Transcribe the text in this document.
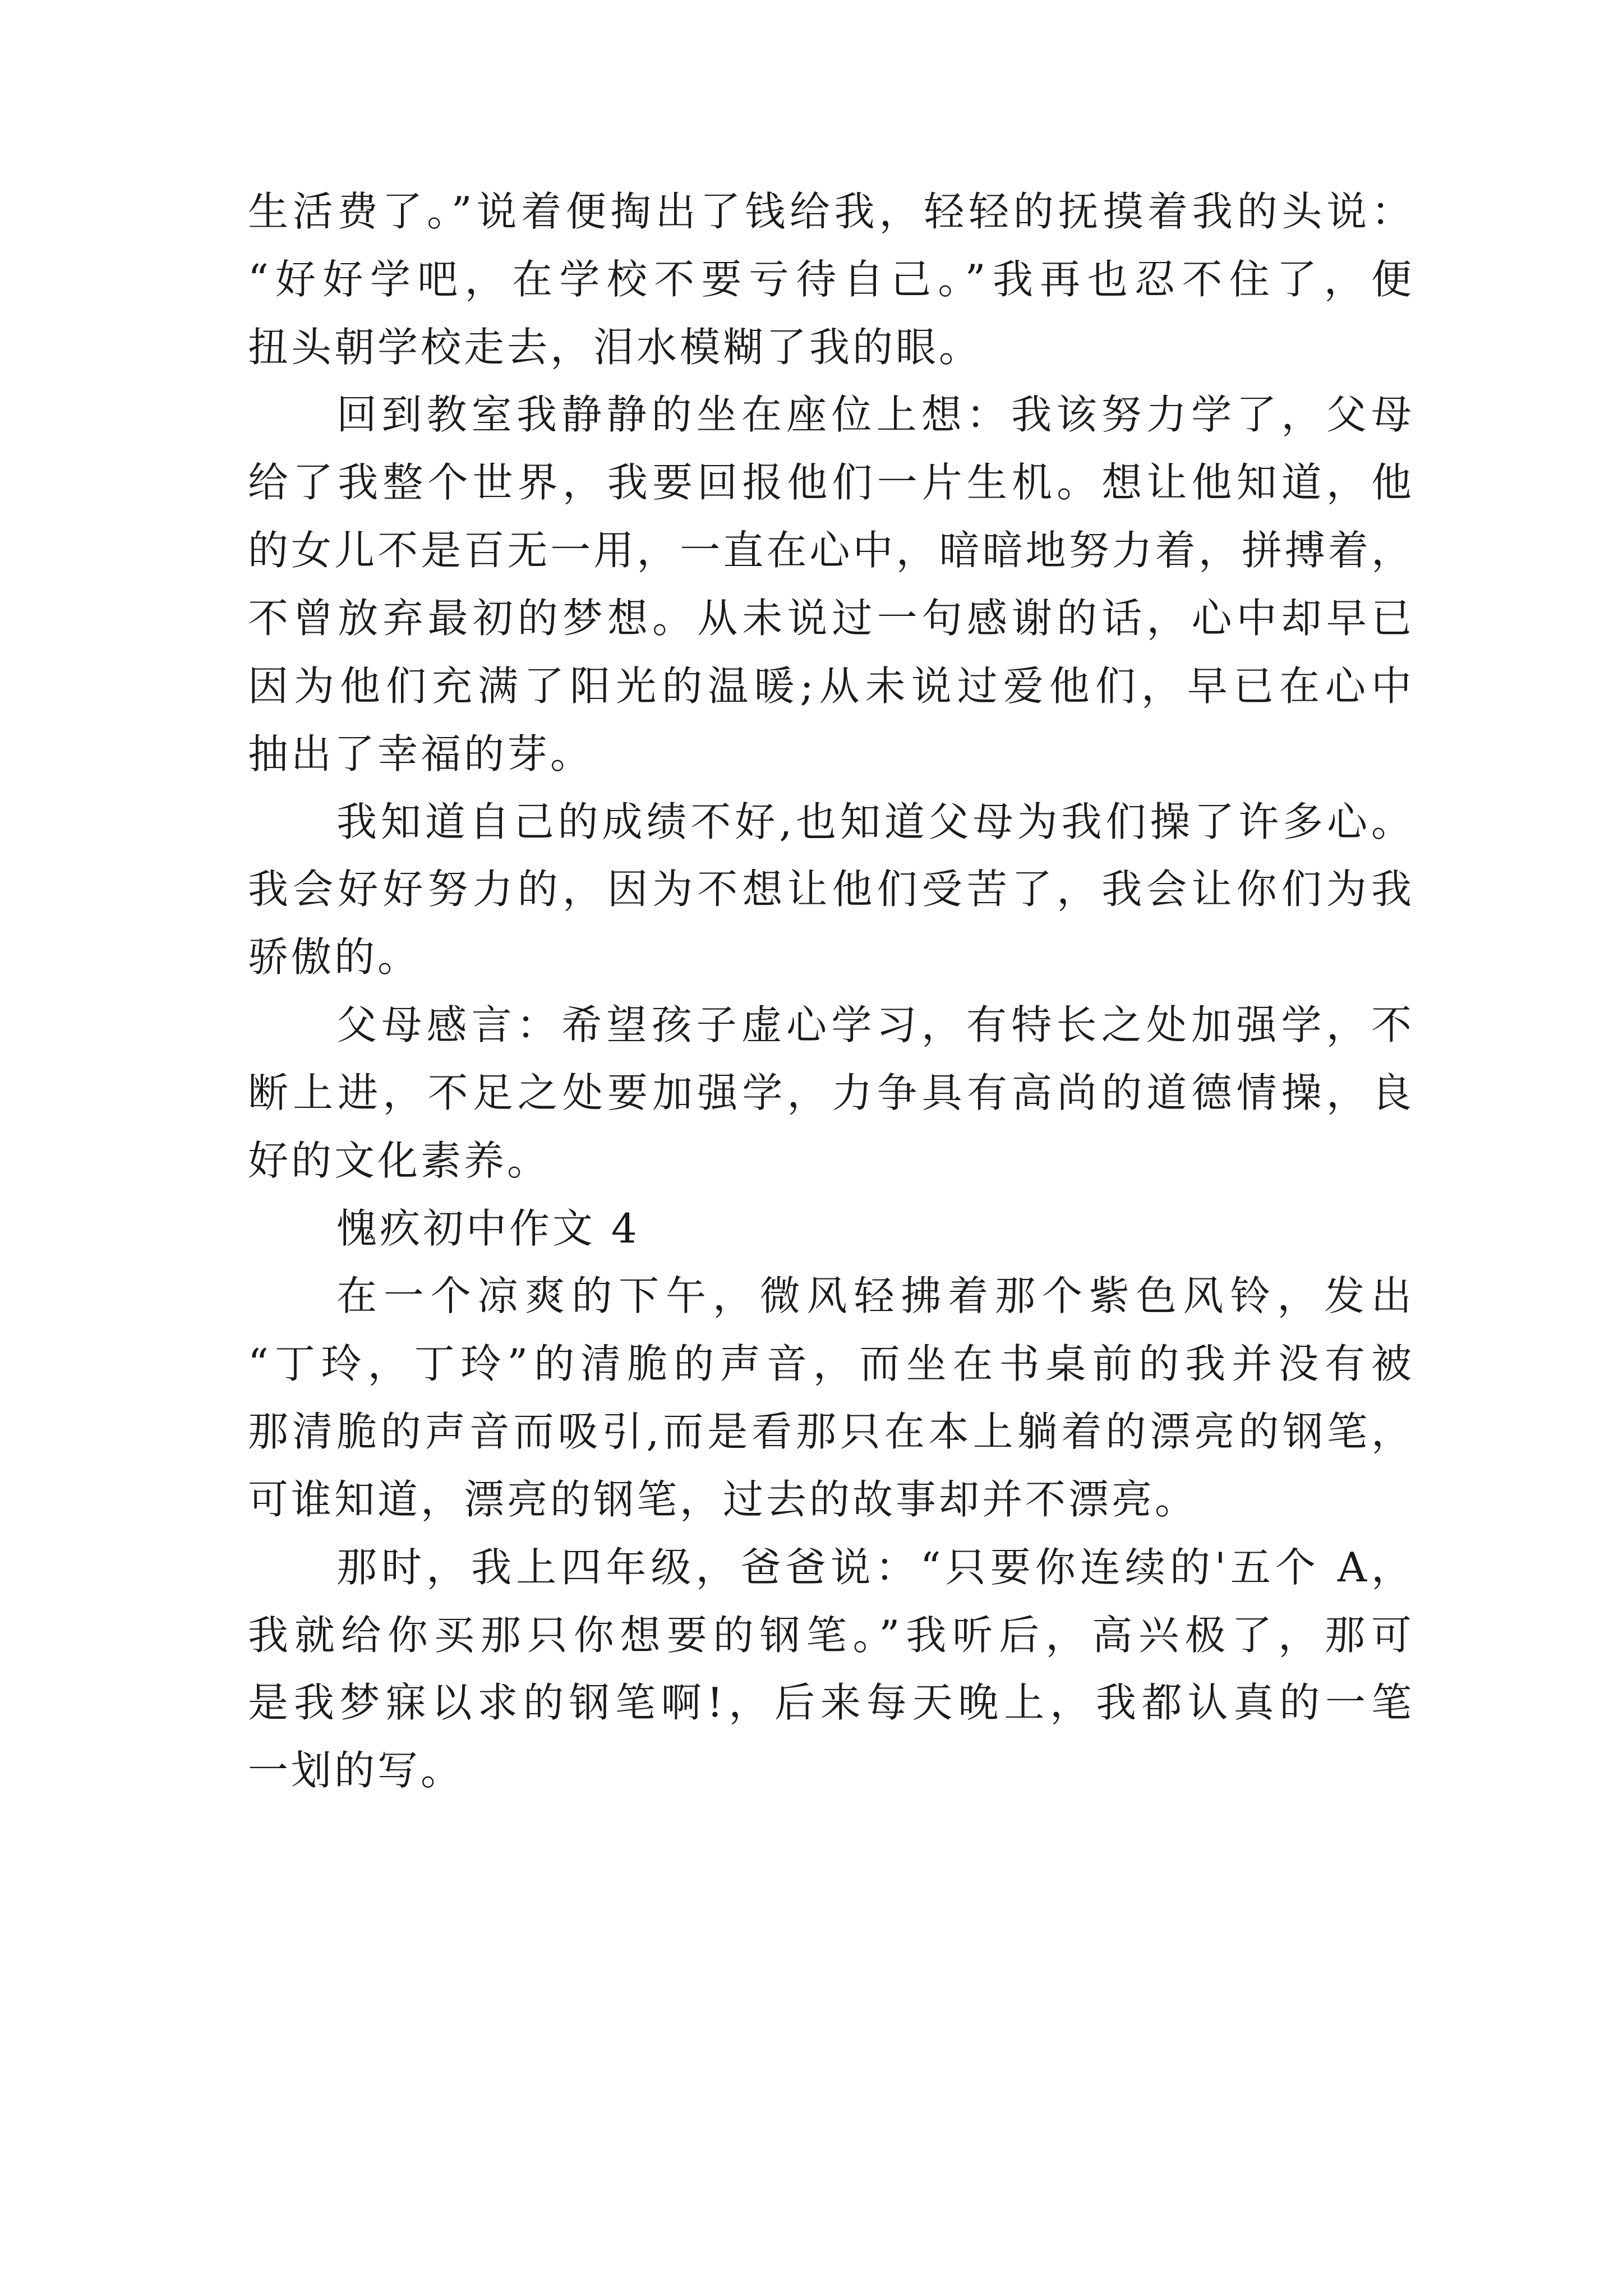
生活费了。”说着便掏出了钱给我，轻轻的抚摸着我的头说：
“好好学吧，在学校不要亏待自己。”我再也忍不住了，便
扭头朝学校走去，泪水模糊了我的眼。
回到教室我静静的坐在座位上想：我该努力学了，父母
给了我整个世界，我要回报他们一片生机。想让他知道，他
的女儿不是百无一用，一直在心中，暗暗地努力着，拼搏着，
不曾放弃最初的梦想。从未说过一句感谢的话，心中却早已
因为他们充满了阳光的温暖;从未说过爱他们，早已在心中
抽出了幸福的芽。
我知道自己的成绩不好,也知道父母为我们操了许多心。
我会好好努力的，因为不想让他们受苦了，我会让你们为我
骄傲的。
父母感言：希望孩子虚心学习，有特长之处加强学，不
断上进，不足之处要加强学，力争具有高尚的道德情操，良
好的文化素养。
愧疚初中作文 4
在一个凉爽的下午，微风轻拂着那个紫色风铃，发出
“丁玲，丁玲”的清脆的声音，而坐在书桌前的我并没有被
那清脆的声音而吸引,而是看那只在本上躺着的漂亮的钢笔，
可谁知道，漂亮的钢笔，过去的故事却并不漂亮。
那时，我上四年级，爸爸说：“只要你连续的'五个 A，
我就给你买那只你想要的钢笔。”我听后，高兴极了，那可
是我梦寐以求的钢笔啊!，后来每天晚上，我都认真的一笔
一划的写。
